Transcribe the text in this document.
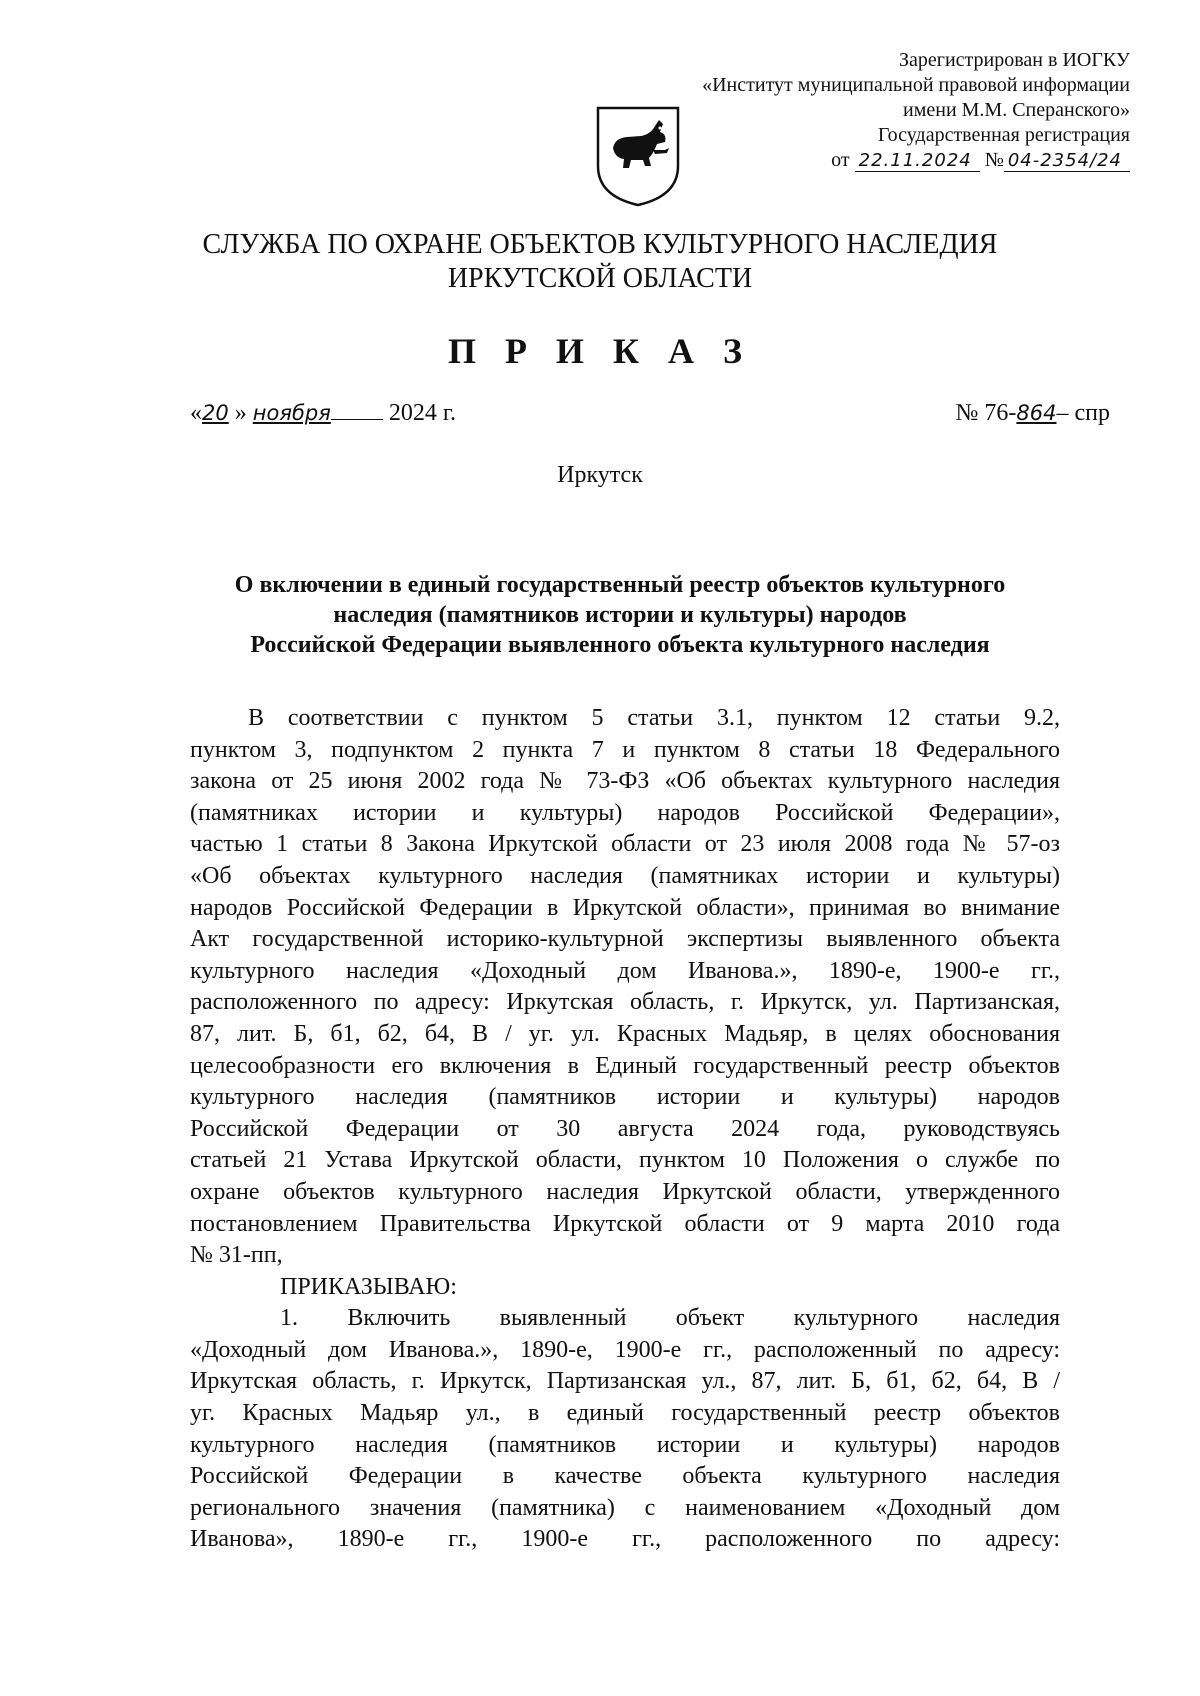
Зарегистрирован в ИОГКУ
«Институт муниципальной правовой информации
имени М.М. Сперанского»
Государственная регистрация
от 22.11.2024 № 04-2354/24
СЛУЖБА ПО ОХРАНЕ ОБЪЕКТОВ КУЛЬТУРНОГО НАСЛЕДИЯ
ИРКУТСКОЙ ОБЛАСТИ
П Р И К А З
«20 » ноября 2024 г.	№ 76-864– спр
Иркутск
О включении в единый государственный реестр объектов культурного
наследия (памятников истории и культуры) народов
Российской Федерации выявленного объекта культурного наследия
В соответствии с пунктом 5 статьи 3.1, пунктом 12 статьи 9.2,
пунктом 3, подпунктом 2 пункта 7 и пунктом 8 статьи 18 Федерального
закона от 25 июня 2002 года № 73-ФЗ «Об объектах культурного наследия
(памятниках истории и культуры) народов Российской Федерации»,
частью 1 статьи 8 Закона Иркутской области от 23 июля 2008 года № 57-оз
«Об объектах культурного наследия (памятниках истории и культуры)
народов Российской Федерации в Иркутской области», принимая во внимание
Акт государственной историко-культурной экспертизы выявленного объекта
культурного наследия «Доходный дом Иванова.», 1890-е, 1900-е гг.,
расположенного по адресу: Иркутская область, г. Иркутск, ул. Партизанская,
87, лит. Б, б1, б2, б4, В / уг. ул. Красных Мадьяр, в целях обоснования
целесообразности его включения в Единый государственный реестр объектов
культурного наследия (памятников истории и культуры) народов
Российской Федерации от 30 августа 2024 года, руководствуясь
статьей 21 Устава Иркутской области, пунктом 10 Положения о службе по
охране объектов культурного наследия Иркутской области, утвержденного
постановлением Правительства Иркутской области от 9 марта 2010 года
№ 31-пп,
ПРИКАЗЫВАЮ:
1. Включить выявленный объект культурного наследия
«Доходный дом Иванова.», 1890-е, 1900-е гг., расположенный по адресу:
Иркутская область, г. Иркутск, Партизанская ул., 87, лит. Б, б1, б2, б4, В /
уг. Красных Мадьяр ул., в единый государственный реестр объектов
культурного наследия (памятников истории и культуры) народов
Российской Федерации в качестве объекта культурного наследия
регионального значения (памятника) с наименованием «Доходный дом
Иванова», 1890-е гг., 1900-е гг., расположенного по адресу:
